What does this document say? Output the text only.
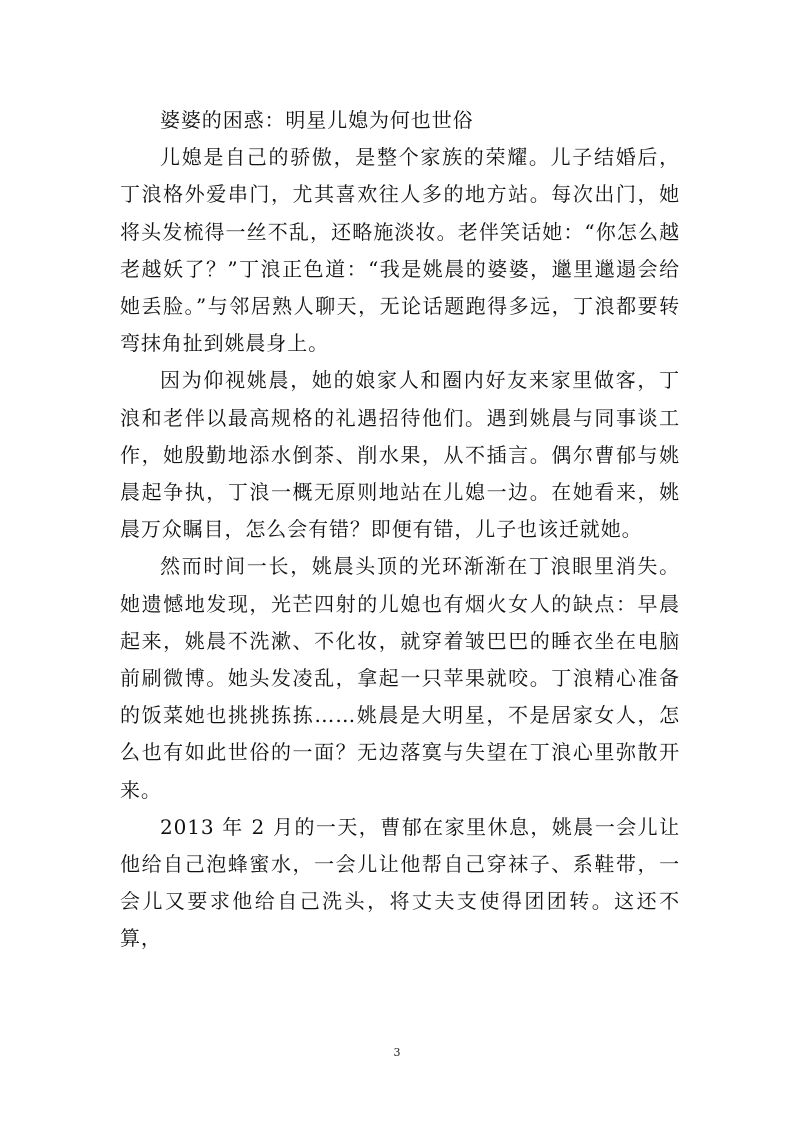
婆婆的困惑：明星儿媳为何也世俗

儿媳是自己的骄傲，是整个家族的荣耀。儿子结婚后，丁浪格外爱串门，尤其喜欢往人多的地方站。每次出门，她将头发梳得一丝不乱，还略施淡妆。老伴笑话她：“你怎么越老越妖了？”丁浪正色道：“我是姚晨的婆婆，邋里邋遢会给她丢脸。”与邻居熟人聊天，无论话题跑得多远，丁浪都要转弯抹角扯到姚晨身上。

因为仰视姚晨，她的娘家人和圈内好友来家里做客，丁浪和老伴以最高规格的礼遇招待他们。遇到姚晨与同事谈工作，她殷勤地添水倒茶、削水果，从不插言。偶尔曹郁与姚晨起争执，丁浪一概无原则地站在儿媳一边。在她看来，姚晨万众瞩目，怎么会有错？即便有错，儿子也该迁就她。

然而时间一长，姚晨头顶的光环渐渐在丁浪眼里消失。她遗憾地发现，光芒四射的儿媳也有烟火女人的缺点：早晨起来，姚晨不洗漱、不化妆，就穿着皱巴巴的睡衣坐在电脑前刷微博。她头发凌乱，拿起一只苹果就咬。丁浪精心准备的饭菜她也挑挑拣拣……姚晨是大明星，不是居家女人，怎么也有如此世俗的一面？无边落寞与失望在丁浪心里弥散开来。

2013 年 2 月的一天，曹郁在家里休息，姚晨一会儿让他给自己泡蜂蜜水，一会儿让他帮自己穿袜子、系鞋带，一会儿又要求他给自己洗头，将丈夫支使得团团转。这还不算，

3
